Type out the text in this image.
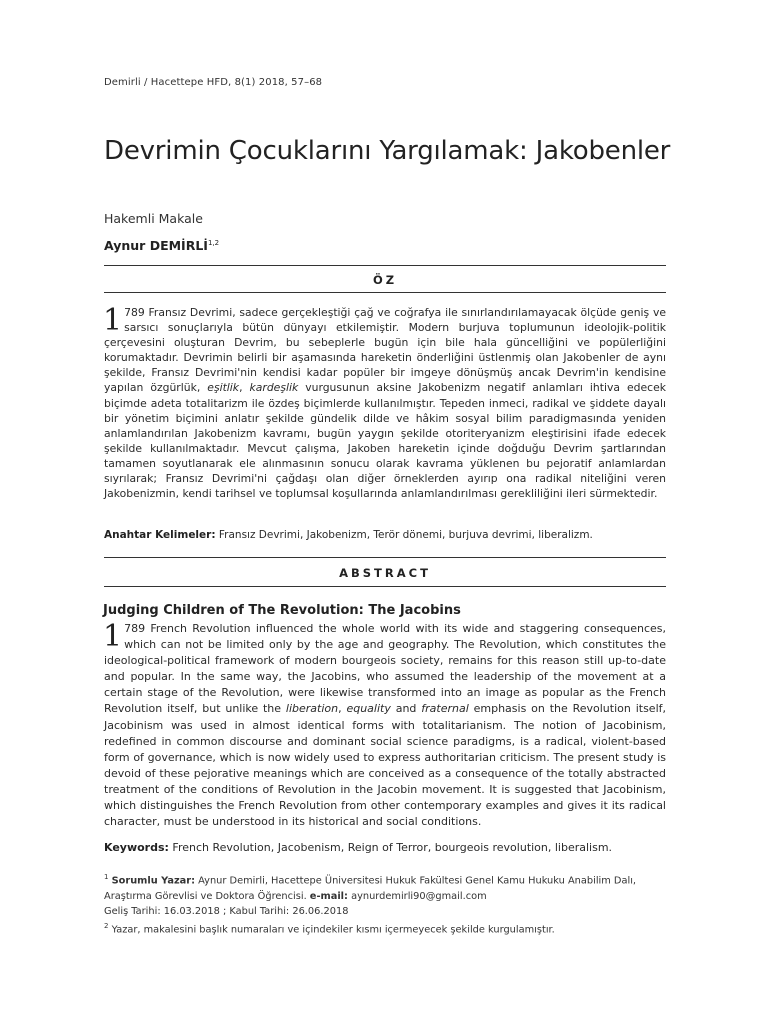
Demirli / Hacettepe HFD, 8(1) 2018, 57–68
Devrimin Çocuklarını Yargılamak: Jakobenler
Hakemli Makale
Aynur DEMİRLİ$^{1,2}$
ÖZ

1 789 Fransız Devrimi, sadece gerçekleştiği çağ ve coğrafya ile sınırlandırılamayacak ölçüde geniş ve sarsıcı sonuçlarıyla bütün dünyayı etkilemiştir. Modern burjuva toplumunun ideolojik-politik çerçevesini oluşturan Devrim, bu sebeplerle bugün için bile hala güncelliğini ve popülerliğini korumaktadır. Devrimin belirli bir aşamasında hareketin önderliğini üstlenmiş olan Jakobenler de aynı şekilde, Fransız Devrimi'nin kendisi kadar popüler bir imgeye dönüşmüş ancak Devrim'in kendisine yapılan özgürlük, eşitlik, kardeşlik vurgusunun aksine Jakobenizm negatif anlamları ihtiva edecek biçimde adeta totalitarizm ile özdeş biçimlerde kullanılmıştır. Tepeden inmeci, radikal ve şiddete dayalı bir yönetim biçimini anlatır şekilde gündelik dilde ve hâkim sosyal bilim paradigmasında yeniden anlamlandırılan Jakobenizm kavramı, bugün yaygın şekilde otoriteryanizm eleştirisini ifade edecek şekilde kullanılmaktadır. Mevcut çalışma, Jakoben hareketin içinde doğduğu Devrim şartlarından tamamen soyutlanarak ele alınmasının sonucu olarak kavrama yüklenen bu pejoratif anlamlardan sıyrılarak; Fransız Devrimi'ni çağdaşı olan diğer örneklerden ayırıp ona radikal niteliğini veren Jakobenizmin, kendi tarihsel ve toplumsal koşullarında anlamlandırılması gerekliliğini ileri sürmektedir.

Anahtar Kelimeler: Fransız Devrimi, Jakobenizm, Terör dönemi, burjuva devrimi, liberalizm.
ABSTRACT
Judging Children of The Revolution: The Jacobins

1 789 French Revolution influenced the whole world with its wide and staggering consequences, which can not be limited only by the age and geography. The Revolution, which constitutes the ideological-political framework of modern bourgeois society, remains for this reason still up-to-date and popular. In the same way, the Jacobins, who assumed the leadership of the movement at a certain stage of the Revolution, were likewise transformed into an image as popular as the French Revolution itself, but unlike the liberation, equality and fraternal emphasis on the Revolution itself, Jacobinism was used in almost identical forms with totalitarianism. The notion of Jacobinism, redefined in common discourse and dominant social science paradigms, is a radical, violent-based form of governance, which is now widely used to express authoritarian criticism. The present study is devoid of these pejorative meanings which are conceived as a consequence of the totally abstracted treatment of the conditions of Revolution in the Jacobin movement. It is suggested that Jacobinism, which distinguishes the French Revolution from other contemporary examples and gives it its radical character, must be understood in its historical and social conditions.

Keywords: French Revolution, Jacobenism, Reign of Terror, bourgeois revolution, liberalism.

$^1$ Sorumlu Yazar: Aynur Demirli, Hacettepe Üniversitesi Hukuk Fakültesi Genel Kamu Hukuku Anabilim Dalı, Araştırma Görevlisi ve Doktora Öğrencisi. e-mail: aynurdemirli90@gmail.com

Geliş Tarihi: 16.03.2018 ; Kabul Tarihi: 26.06.2018

$^2$ Yazar, makalesini başlık numaraları ve içindekiler kısmı içermeyecek şekilde kurgulamıştır.
